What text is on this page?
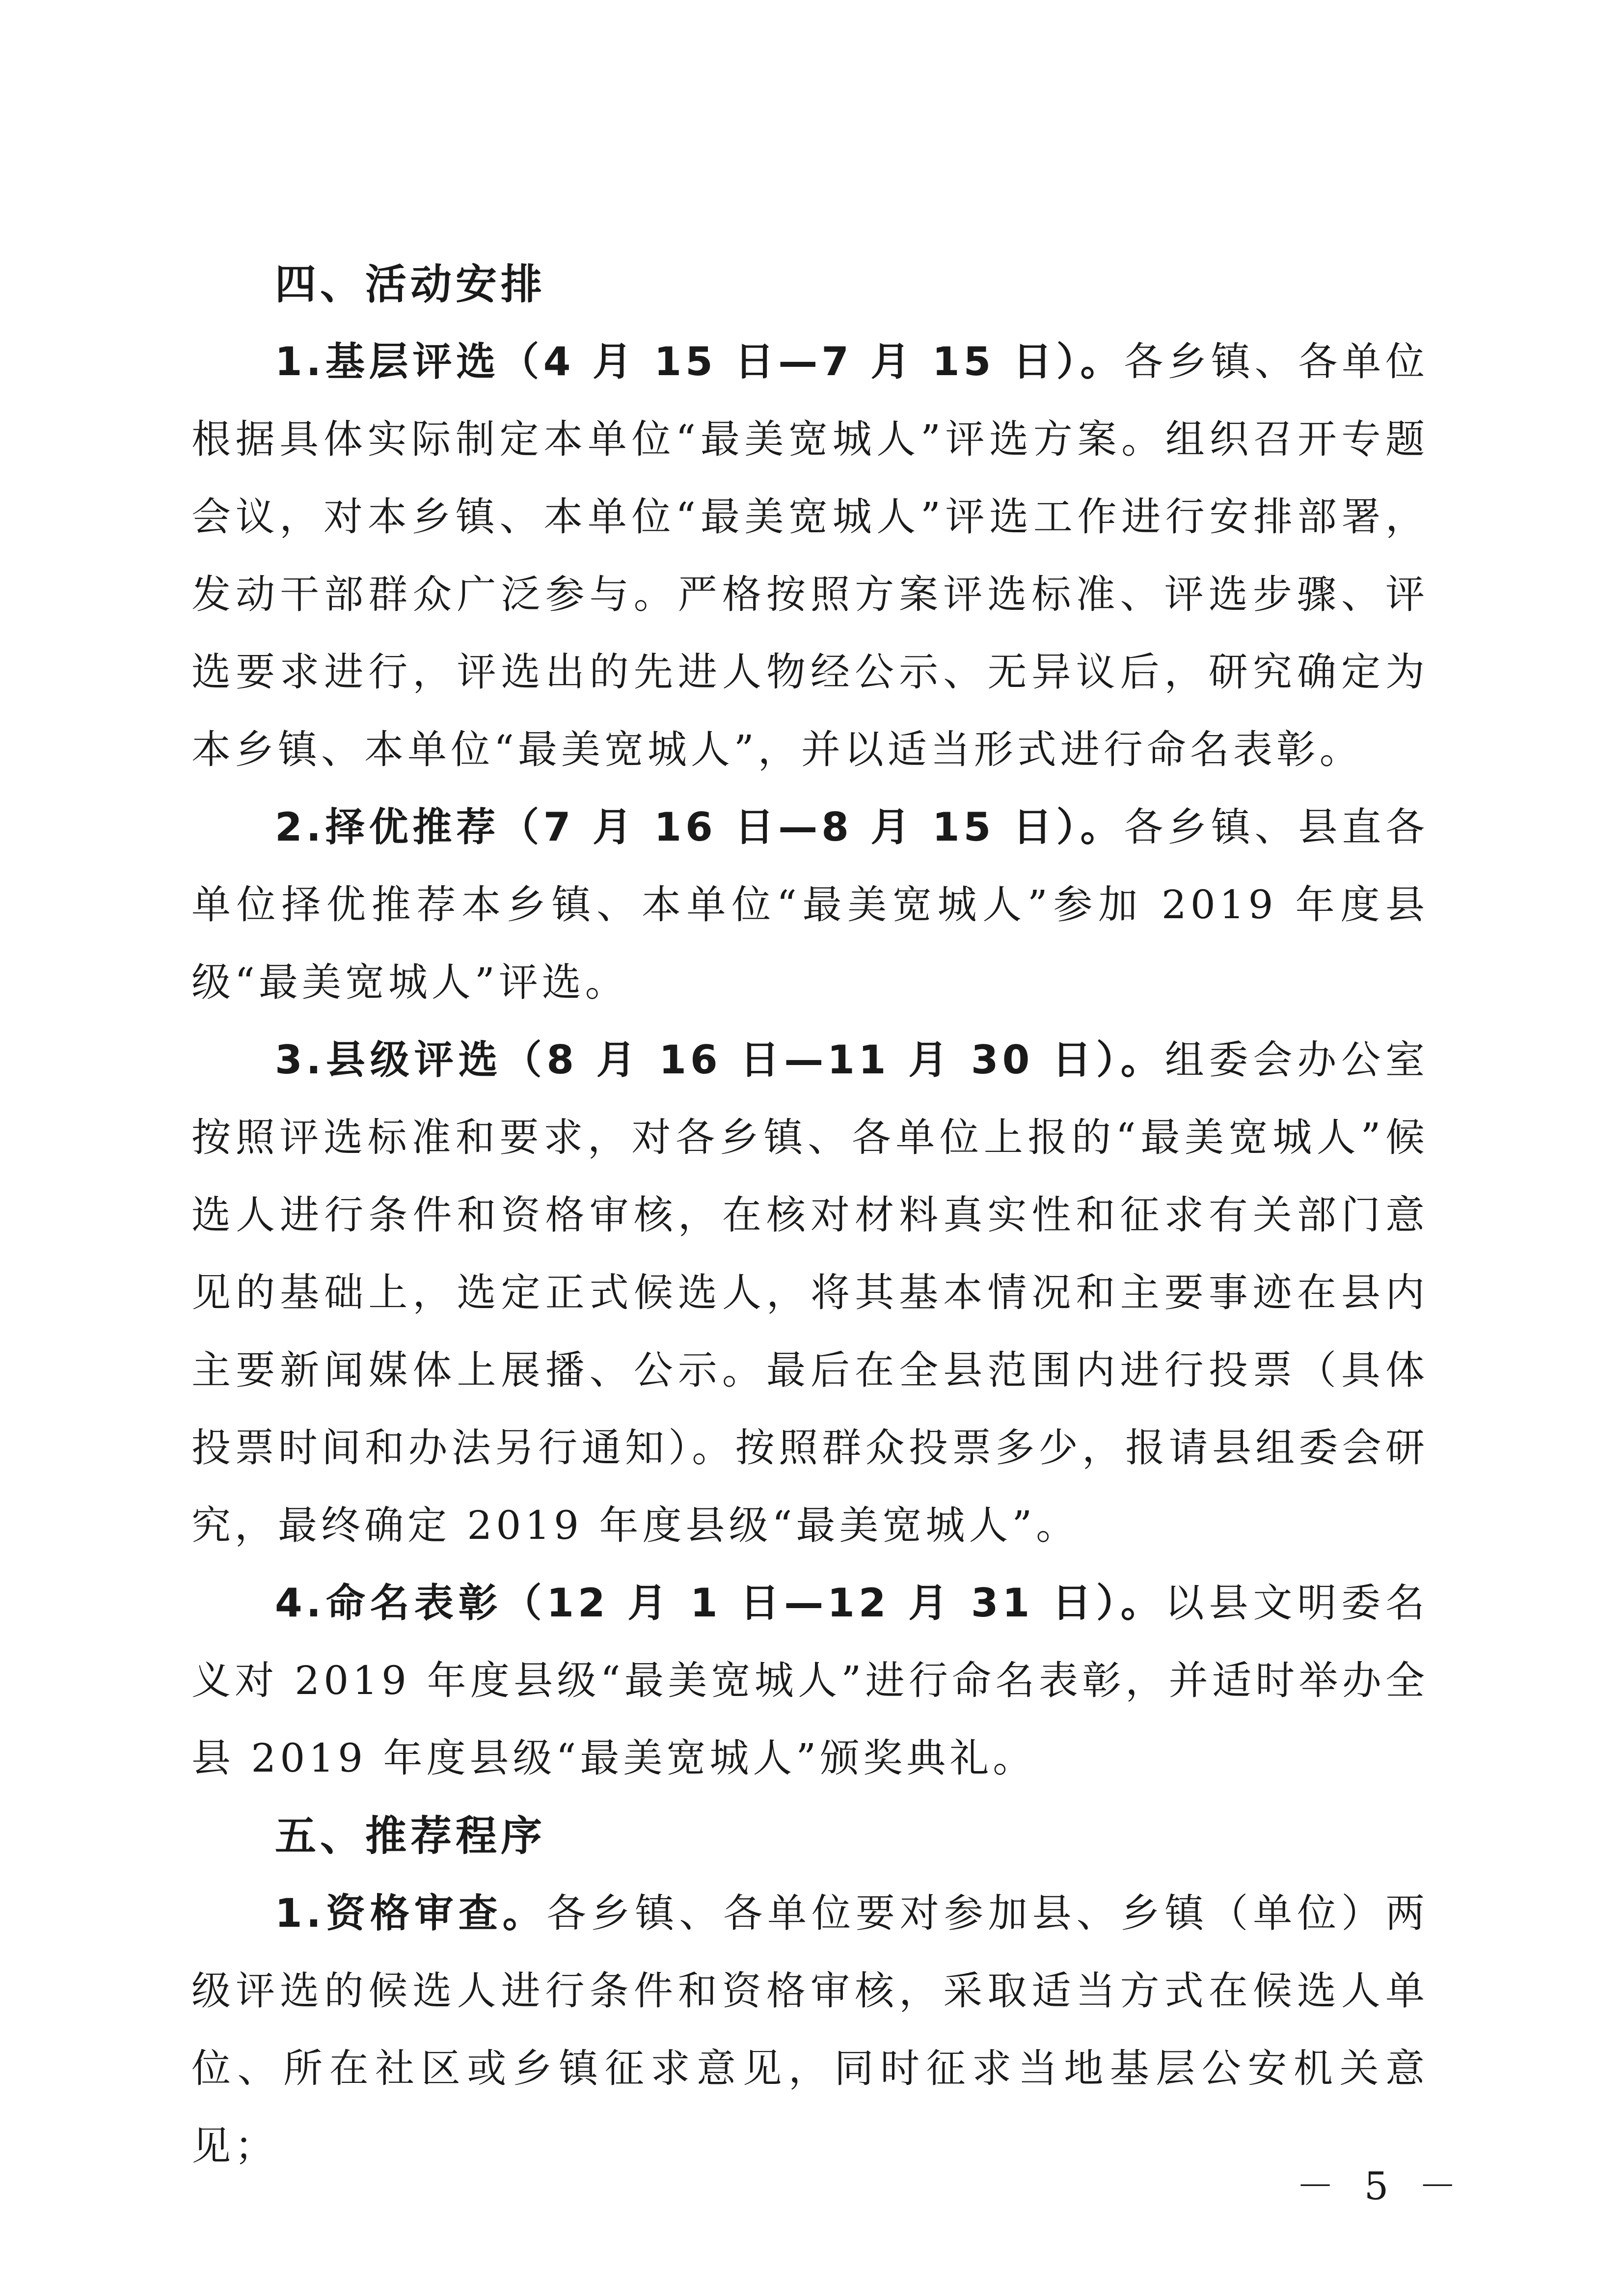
四、活动安排

1.基层评选（4 月 15 日—7 月 15 日）。各乡镇、各单位根据具体实际制定本单位“最美宽城人”评选方案。组织召开专题会议，对本乡镇、本单位“最美宽城人”评选工作进行安排部署，发动干部群众广泛参与。严格按照方案评选标准、评选步骤、评选要求进行，评选出的先进人物经公示、无异议后，研究确定为本乡镇、本单位“最美宽城人”，并以适当形式进行命名表彰。

2.择优推荐（7 月 16 日—8 月 15 日）。各乡镇、县直各单位择优推荐本乡镇、本单位“最美宽城人”参加 2019 年度县级“最美宽城人”评选。

3.县级评选（8 月 16 日—11 月 30 日）。组委会办公室按照评选标准和要求，对各乡镇、各单位上报的“最美宽城人”候选人进行条件和资格审核，在核对材料真实性和征求有关部门意见的基础上，选定正式候选人，将其基本情况和主要事迹在县内主要新闻媒体上展播、公示。最后在全县范围内进行投票（具体投票时间和办法另行通知）。按照群众投票多少，报请县组委会研究，最终确定 2019 年度县级“最美宽城人”。

4.命名表彰（12 月 1 日—12 月 31 日）。以县文明委名义对 2019 年度县级“最美宽城人”进行命名表彰，并适时举办全县 2019 年度县级“最美宽城人”颁奖典礼。

五、推荐程序

1.资格审查。各乡镇、各单位要对参加县、乡镇（单位）两级评选的候选人进行条件和资格审核，采取适当方式在候选人单位、所在社区或乡镇征求意见，同时征求当地基层公安机关意见；

－ 5 －
